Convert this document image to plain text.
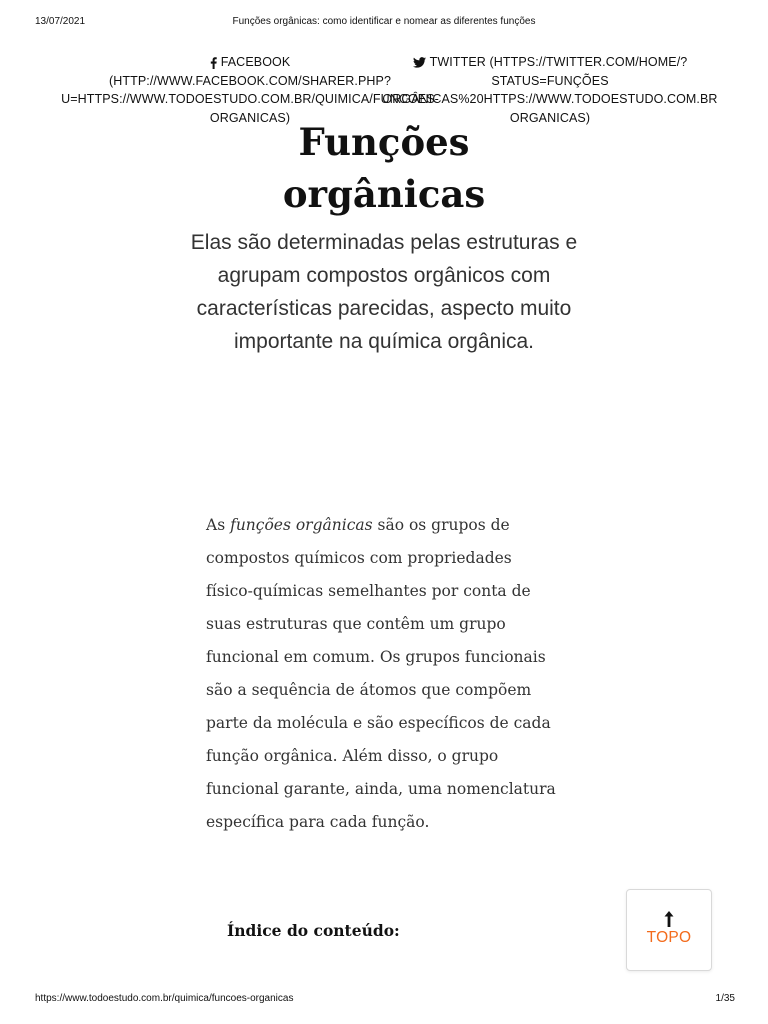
13/07/2021	Funções orgânicas: como identificar e nomear as diferentes funções
FACEBOOK
(HTTP://WWW.FACEBOOK.COM/SHARER.PHP?
U=HTTPS://WWW.TODOESTUDO.COM.BR/QUIMICA/FUNCOES-
ORGANICAS)
TWITTER (HTTPS://TWITTER.COM/HOME/?
STATUS=FUNÇÕES
ORGÂNICAS%20HTTPS://WWW.TODOESTUDO.COM.BR
ORGANICAS)
Funções
orgânicas

Elas são determinadas pelas estruturas e agrupam compostos orgânicos com características parecidas, aspecto muito importante na química orgânica.

As funções orgânicas são os grupos de compostos químicos com propriedades físico-químicas semelhantes por conta de suas estruturas que contêm um grupo funcional em comum. Os grupos funcionais são a sequência de átomos que compõem parte da molécula e são específicos de cada função orgânica. Além disso, o grupo funcional garante, ainda, uma nomenclatura específica para cada função.

Índice do conteúdo:	TOPO
https://www.todoestudo.com.br/quimica/funcoes-organicas	1/35
